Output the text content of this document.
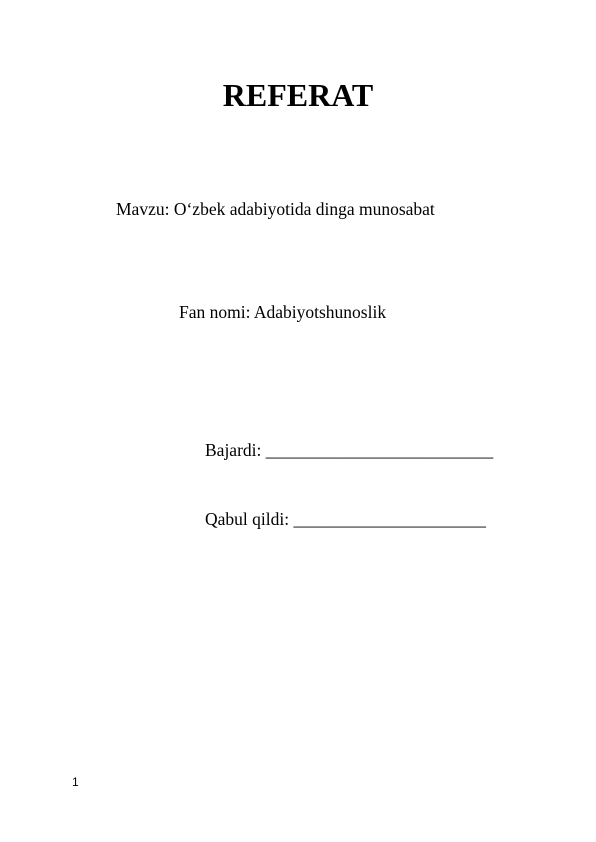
REFERAT
Mavzu: O‘zbek adabiyotida dinga munosabat
Fan nomi: Adabiyotshunoslik
Bajardi: __________________________
Qabul qildi: ______________________
1
